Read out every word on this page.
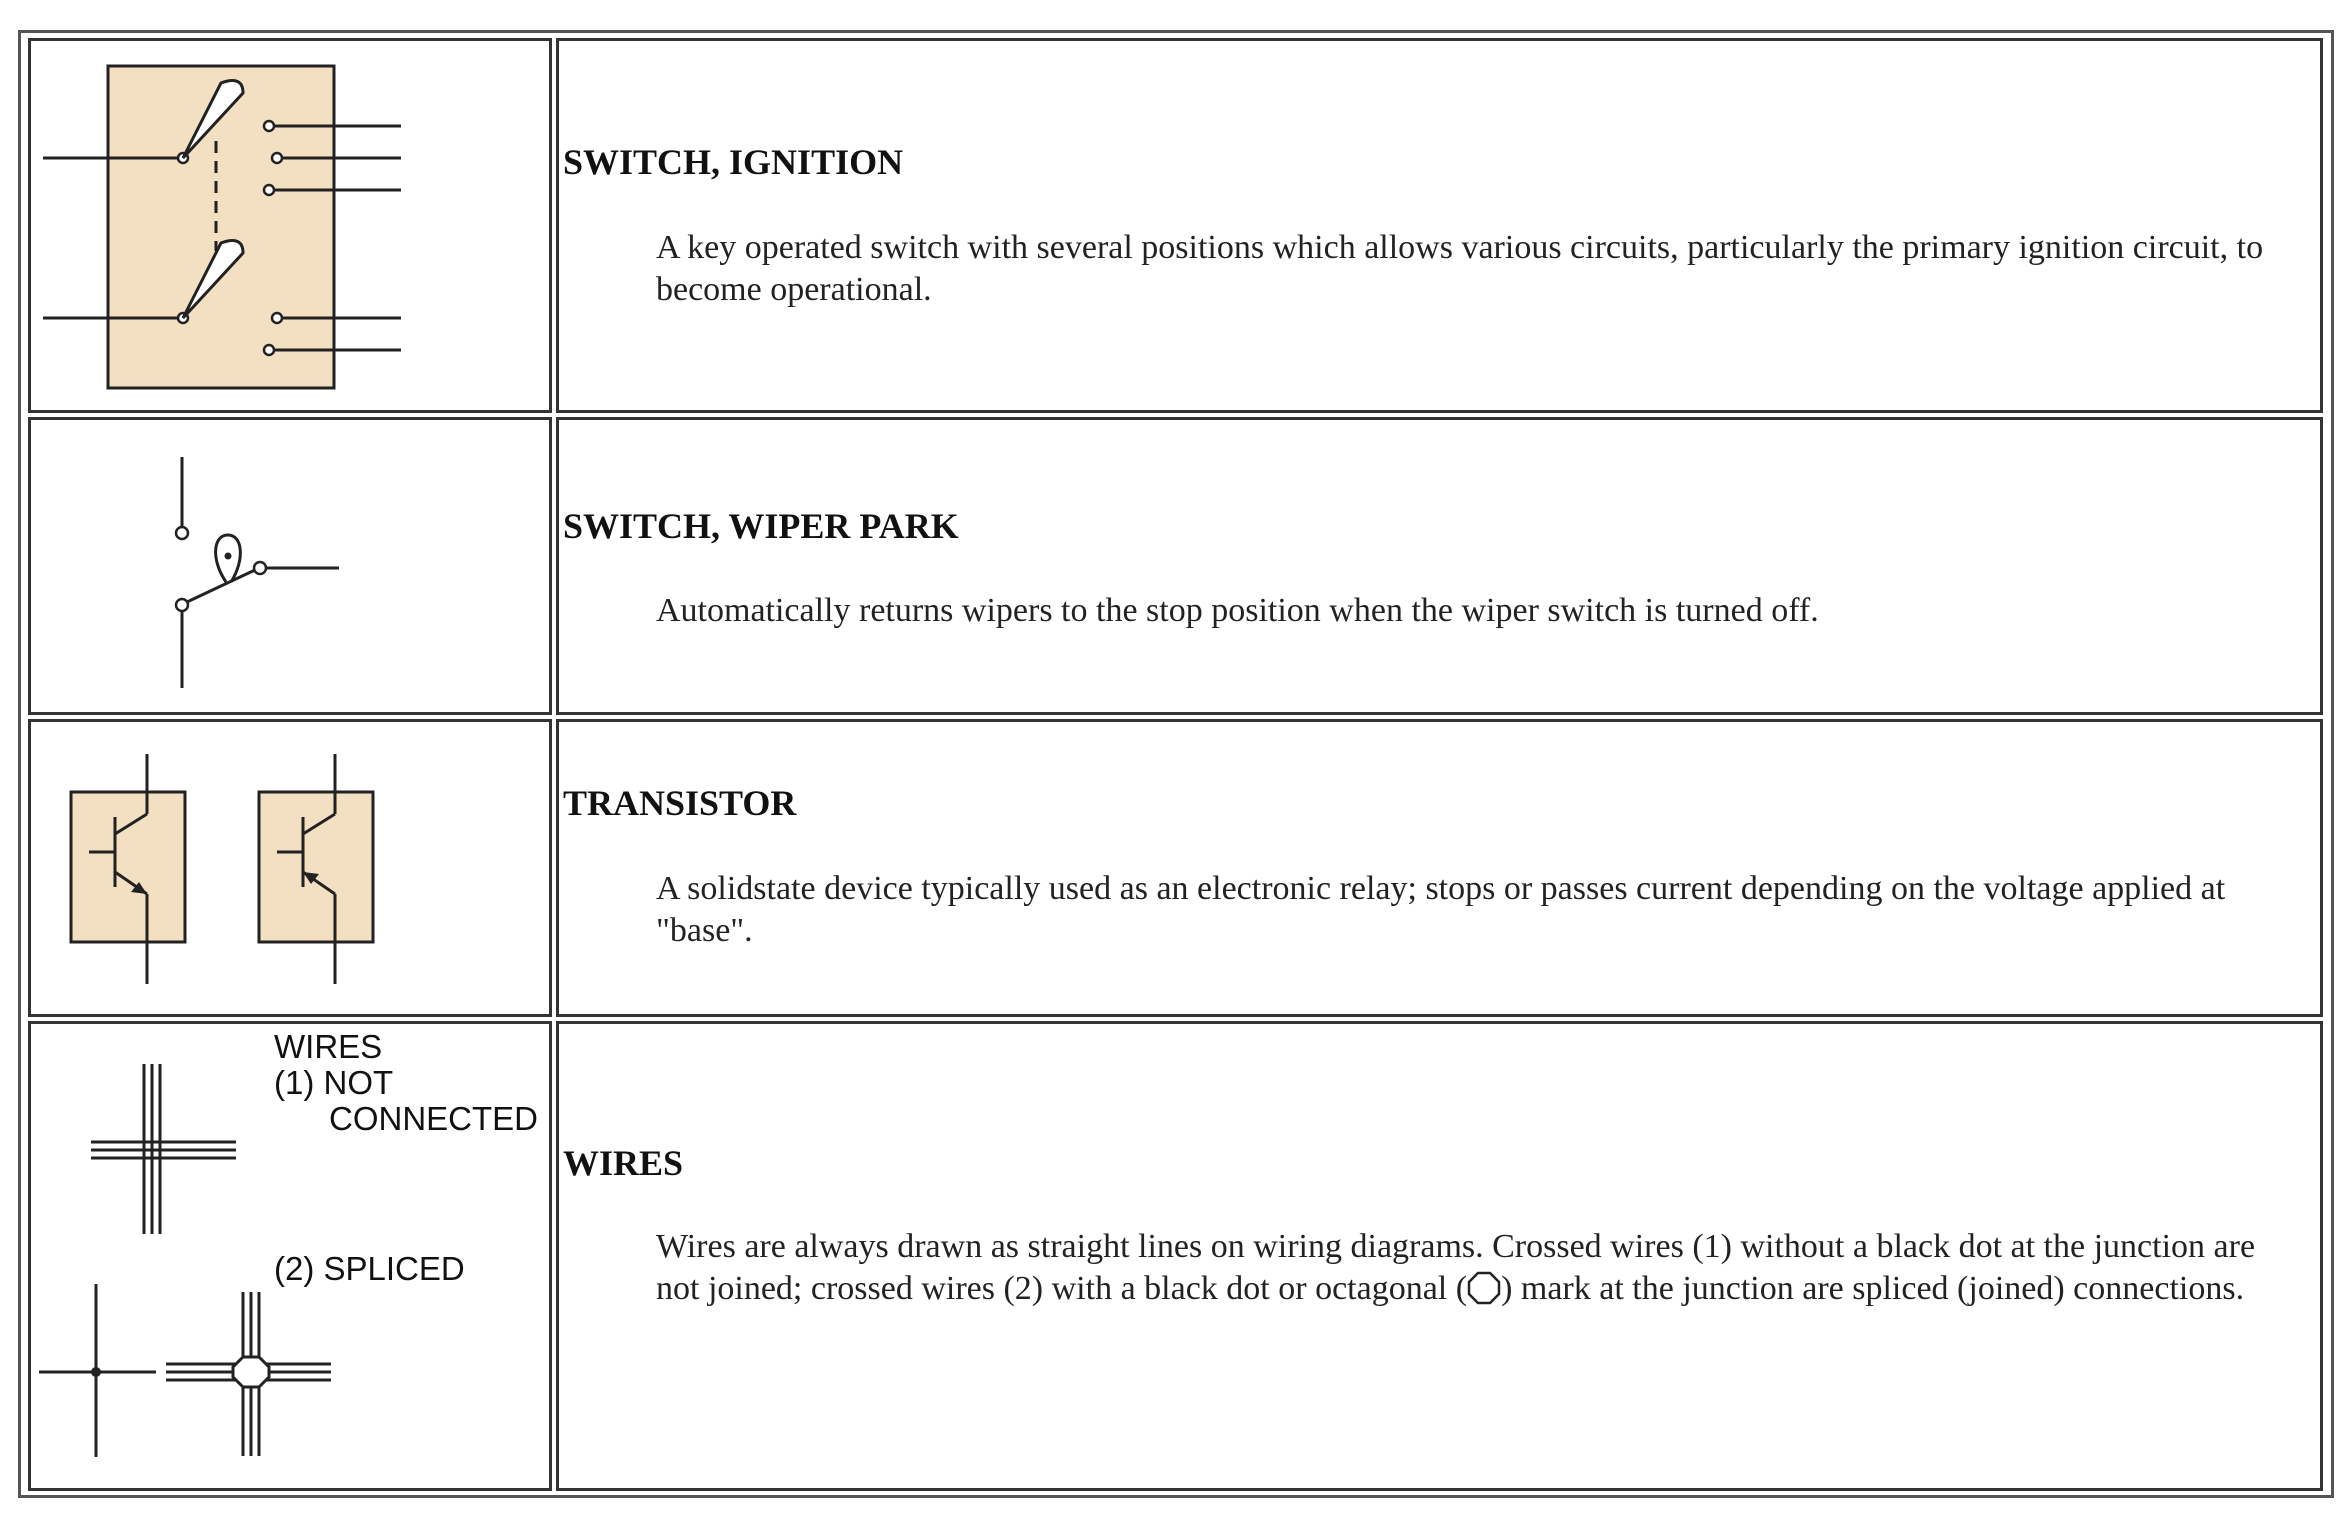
SWITCH, IGNITION
A key operated switch with several positions which allows various circuits, particularly the primary ignition circuit, to become operational.
SWITCH, WIPER PARK
Automatically returns wipers to the stop position when the wiper switch is turned off.
TRANSISTOR
A solidstate device typically used as an electronic relay; stops or passes current depending on the voltage applied at "base".
WIRES
(1) NOT
CONNECTED
(2) SPLICED
WIRES
Wires are always drawn as straight lines on wiring diagrams. Crossed wires (1) without a black dot at the junction are not joined; crossed wires (2) with a black dot or octagonal ( ) mark at the junction are spliced (joined) connections.
